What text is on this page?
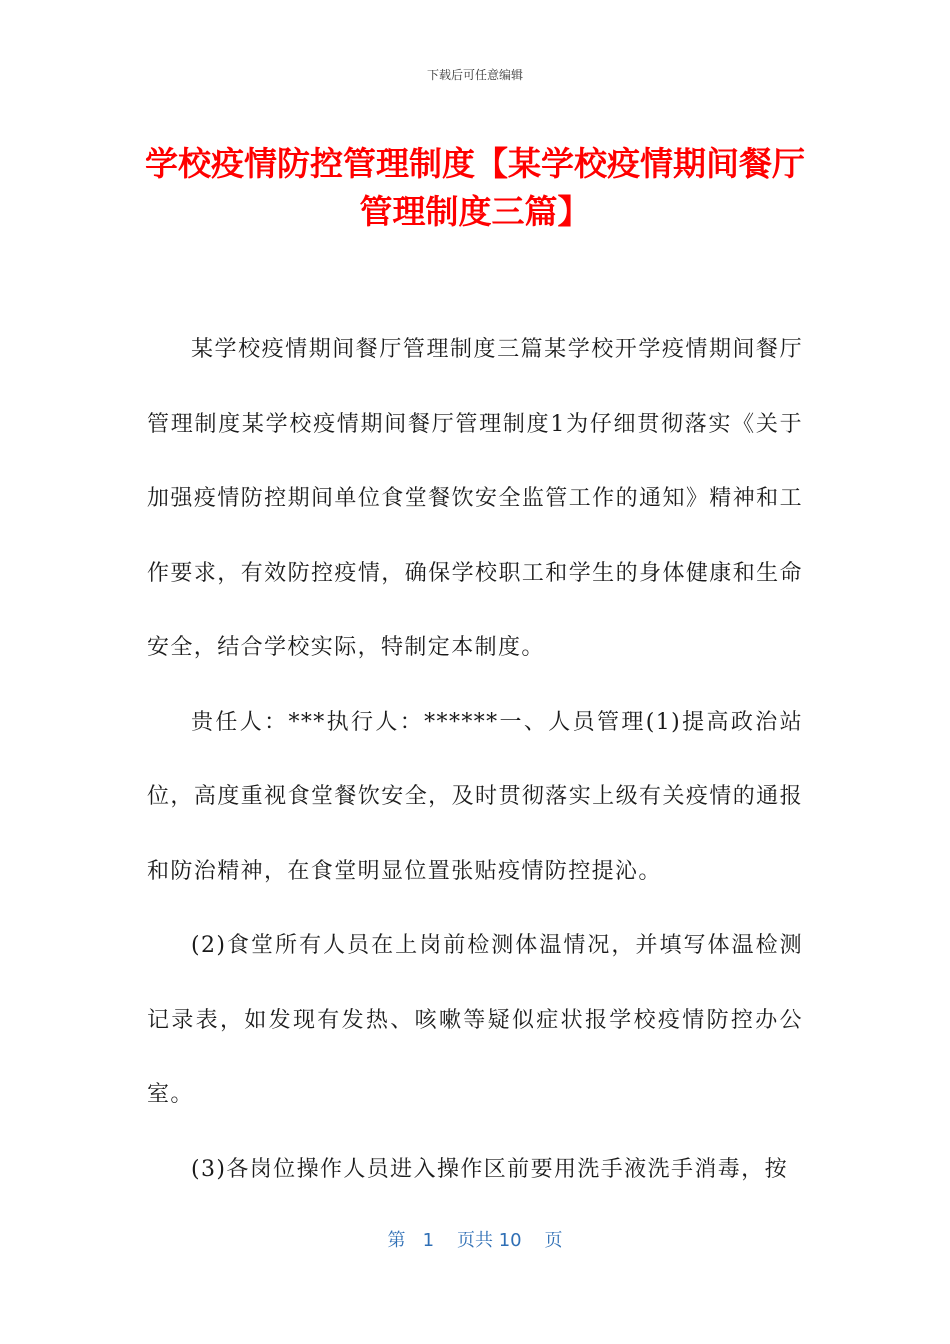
下载后可任意编辑
学校疫情防控管理制度【某学校疫情期间餐厅管理制度三篇】

某学校疫情期间餐厅管理制度三篇某学校开学疫情期间餐厅管理制度某学校疫情期间餐厅管理制度1为仔细贯彻落实《关于加强疫情防控期间单位食堂餐饮安全监管工作的通知》精神和工作要求，有效防控疫情，确保学校职工和学生的身体健康和生命安全，结合学校实际，特制定本制度。

贵任人：***执行人：******一、人员管理(1)提高政治站位，高度重视食堂餐饮安全，及时贯彻落实上级有关疫情的通报和防治精神，在食堂明显位置张贴疫情防控提沁。

(2)食堂所有人员在上岗前检测体温情况，并填写体温检测记录表，如发现有发热、咳嗽等疑似症状报学校疫情防控办公室。

(3)各岗位操作人员进入操作区前要用洗手液洗手消毒，按

第 1 页共 10 页
